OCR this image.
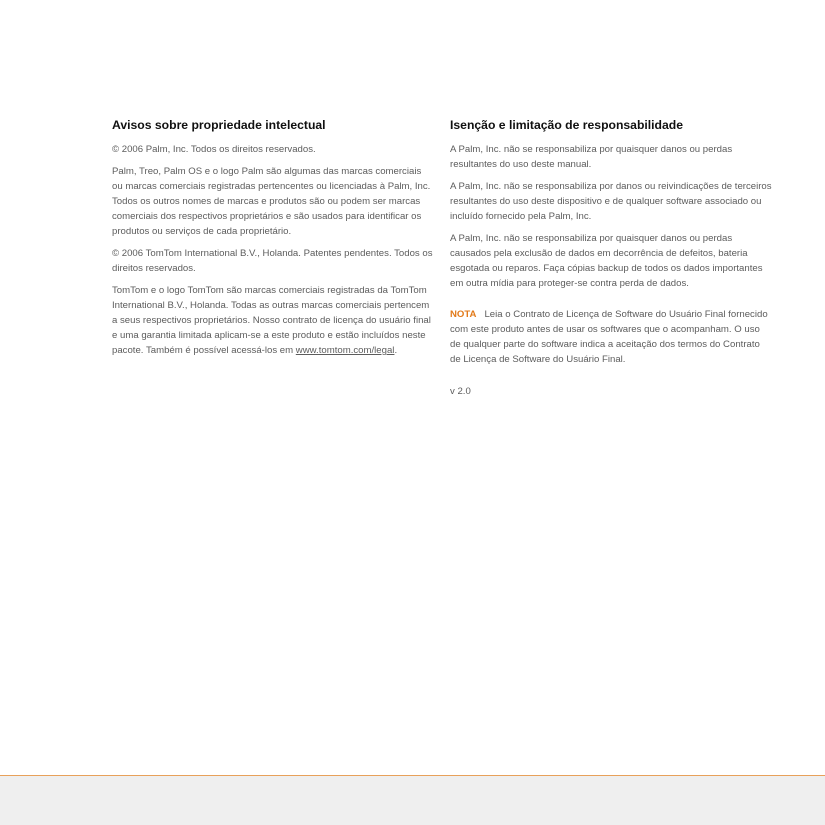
Avisos sobre propriedade intelectual

© 2006 Palm, Inc. Todos os direitos reservados.

Palm, Treo, Palm OS e o logo Palm são algumas das marcas comerciais ou marcas comerciais registradas pertencentes ou licenciadas à Palm, Inc. Todos os outros nomes de marcas e produtos são ou podem ser marcas comerciais dos respectivos proprietários e são usados para identificar os produtos ou serviços de cada proprietário.

© 2006 TomTom International B.V., Holanda. Patentes pendentes. Todos os direitos reservados.

TomTom e o logo TomTom são marcas comerciais registradas da TomTom International B.V., Holanda. Todas as outras marcas comerciais pertencem a seus respectivos proprietários. Nosso contrato de licença do usuário final e uma garantia limitada aplicam-se a este produto e estão incluídos neste pacote. Também é possível acessá-los em www.tomtom.com/legal.

Isenção e limitação de responsabilidade

A Palm, Inc. não se responsabiliza por quaisquer danos ou perdas resultantes do uso deste manual.

A Palm, Inc. não se responsabiliza por danos ou reivindicações de terceiros resultantes do uso deste dispositivo e de qualquer software associado ou incluído fornecido pela Palm, Inc.

A Palm, Inc. não se responsabiliza por quaisquer danos ou perdas causados pela exclusão de dados em decorrência de defeitos, bateria esgotada ou reparos. Faça cópias backup de todos os dados importantes em outra mídia para proteger-se contra perda de dados.

NOTA Leia o Contrato de Licença de Software do Usuário Final fornecido com este produto antes de usar os softwares que o acompanham. O uso de qualquer parte do software indica a aceitação dos termos do Contrato de Licença de Software do Usuário Final.

v 2.0
